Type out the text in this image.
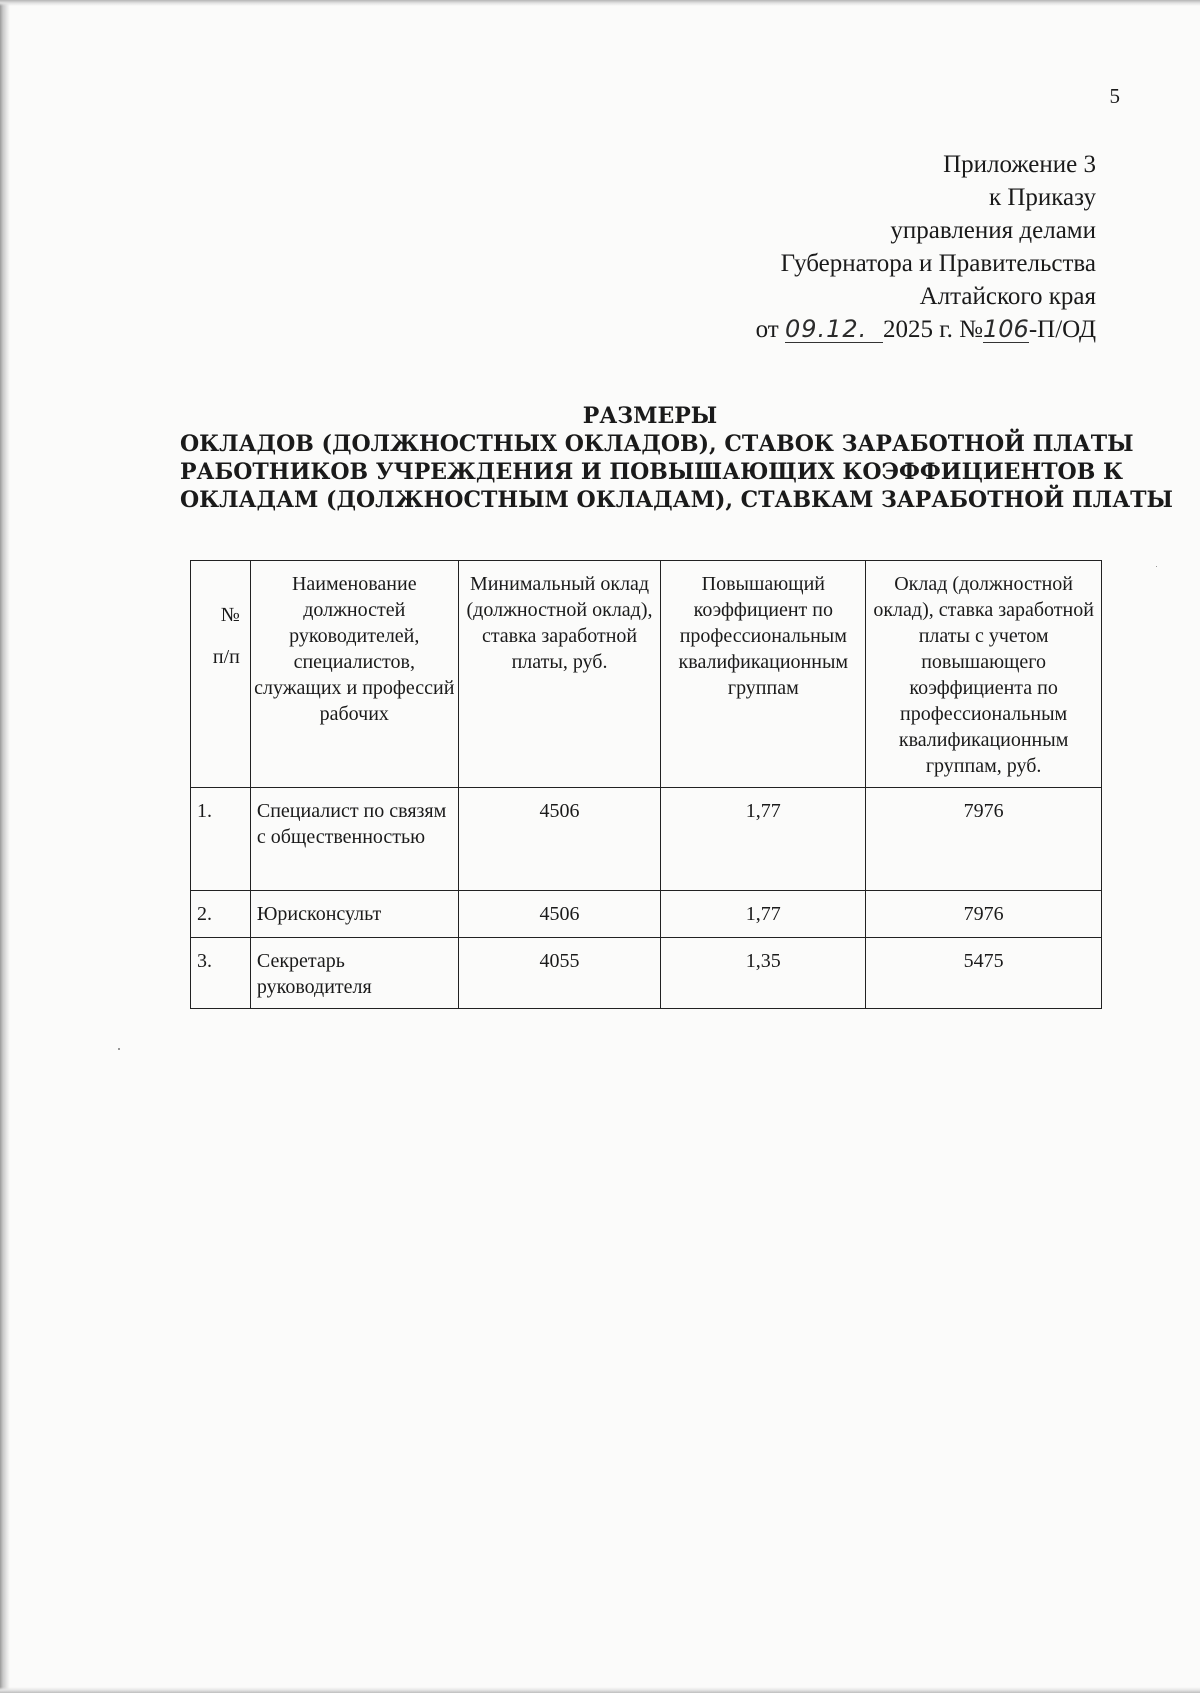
5
Приложение 3
к Приказу
управления делами
Губернатора и Правительства
Алтайского края
от 09.12. 2025 г. №106-П/ОД
РАЗМЕРЫ
ОКЛАДОВ (ДОЛЖНОСТНЫХ ОКЛАДОВ), СТАВОК ЗАРАБОТНОЙ ПЛАТЫ
РАБОТНИКОВ УЧРЕЖДЕНИЯ И ПОВЫШАЮЩИХ КОЭФФИЦИЕНТОВ К
ОКЛАДАМ (ДОЛЖНОСТНЫМ ОКЛАДАМ), СТАВКАМ ЗАРАБОТНОЙ ПЛАТЫ
№
п/п	Наименование должностей руководителей, специалистов, служащих и профессий рабочих	Минимальный оклад (должностной оклад), ставка заработной платы, руб.	Повышающий коэффициент по профессиональным квалификационным группам	Оклад (должностной оклад), ставка заработной платы с учетом повышающего коэффициента по профессиональным квалификационным группам, руб.
1.	Специалист по связям с общественностью	4506	1,77	7976
2.	Юрисконсульт	4506	1,77	7976
3.	Секретарь руководителя	4055	1,35	5475
